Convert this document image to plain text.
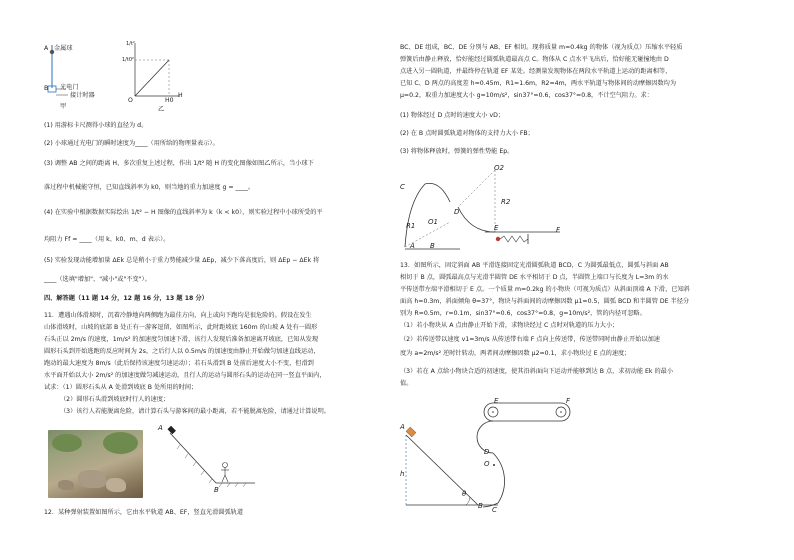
A 金属球
B 光电门
接计时器
甲
1/t²
1/t0²
O	H0
H
乙
(1) 用游标卡尺测得小球的直径为 d。
(2) 小球通过光电门的瞬时速度为____（用所给的物理量表示）。
(3) 调整 AB 之间的距离 H，多次重复上述过程，作出 1/t² 随 H 的变化图像如图乙所示，当小球下
落过程中机械能守恒，已知直线斜率为 k0，则当地的重力加速度 g = ____。
(4) 在实验中根据数据实际绘出 1/t² − H 图像的直线斜率为 k（k < k0），则实验过程中小球所受的平
均阻力 Ff = ____（用 k、k0、m、d 表示）。
(5) 实验发现动能增加量 ΔEk 总是稍小于重力势能减少量 ΔEp，减少下落高度后，则 ΔEp − ΔEk 将
____（选填"增加"、"减小"或"不变"）。
四、解答题（11 题 14 分，12 题 16 分，13 题 18 分）
11．遭遇山体滑坡时，沉着冷静地向两侧跑为最佳方向，向上或向下跑均是很危险的。假设在发生
山体滑坡时，山坡的底部 B 处正有一游客逗留，如图所示，此时距坡底 160m 的山坡 A 处有一圆形
石头正以 2m/s 的速度，1m/s² 的加速度匀加速下滑，该行人发现后准备加速离开坡底，已知从发现
圆形石头到开始逃跑的反应时间为 2s，之后行人以 0.5m/s 的加速度由静止开始做匀加速直线运动，
跑动的最大速度为 8m/s（此后保持该速度匀速运动）；若石头滑到 B 处前后速度大小不变，但滑到
水平面开始以大小 2m/s² 的加速度做匀减速运动，且行人的运动与圆形石头的运动在同一竖直平面内，
试求：（1）圆形石头从 A 处滑到坡底 B 处所用的时间；
（2）圆形石头滑到坡底时行人的速度；
（3）该行人若能脱离危险，请计算石头与游客间的最小距离，若不能脱离危险，请通过计算说明。
A
B
12．某种弹射装置如图所示，它由水平轨道 AB、EF，竖直光滑圆弧轨道
BC、DE 组成，BC、DE 分别与 AB、EF 相切。现将质量 m=0.4kg 的物体（视为质点）压缩水平轻质
弹簧后由静止释放，恰好能经过圆弧轨道最高点 C。物体从 C 点水平飞出后，恰好能无碰撞地由 D
点进入另一圆轨道，并最终停在轨道 EF 某处。经测量发现物体在两段水平轨道上运动的距离相等，
已知 C、D 两点的高度差 h=0.45m，R1=1.6m，R2=4m，两水平轨道与物体间的动摩擦因数均为
μ=0.2，取重力加速度大小 g=10m/s²，sin37°=0.6，cos37°=0.8，不计空气阻力。求：
(1) 物体经过 D 点时的速度大小 vD；
(2) 在 B 点时圆弧轨道对物体的支持力大小 FB；
(3) 将物体释放时，弹簧的弹性势能 Ep。
C
O2
R2
R1 O1
D
A B
E	F
13．如图所示，固定斜面 AB 平滑连接固定光滑圆弧轨道 BCD，C 为圆弧最低点，圆弧与斜面 AB
相切于 B 点，圆弧最高点与光滑半圆管 DE 水平相切于 D 点，半圆管上端口与长度为 L=3m 的水
平传送带左端平滑相切于 E 点。一个质量 m=0.2kg 的小物块（可视为质点）从斜面顶端 A 下滑，已知斜
面高 h=0.3m，斜面倾角 θ=37°，物块与斜面间的动摩擦因数 μ1=0.5，圆弧 BCD 和半圆管 DE 半径分
别为 R=0.5m，r=0.1m，sin37°=0.6，cos37°=0.8，g=10m/s²，管的内径可忽略。
（1）若小物块从 A 点由静止开始下滑，求物块经过 C 点时对轨道的压力大小；
（2）若传送带以速度 v1=3m/s 从传送带右端 F 点向上传送带，传送带同时由静止开始以加速
度为 a=2m/s² 逆时针转动，两者间动摩擦因数 μ2=0.1，求小物块过 E 点的速度；
（3）若在 A 点给小物块合适的初速度，使其沿斜面向下运动并能够到达 B 点，求初动能 Ek 的最小
值。
E	F
D
A
h
O
θ
B C
